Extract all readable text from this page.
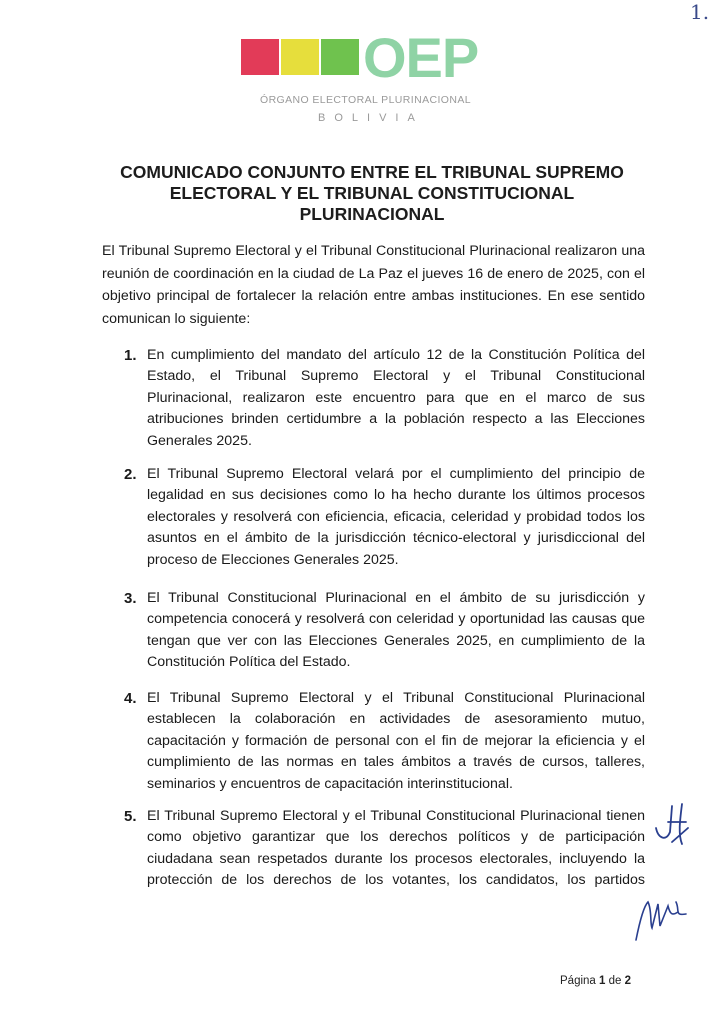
1.
OEP
ÓRGANO ELECTORAL PLURINACIONAL
BOLIVIA
COMUNICADO CONJUNTO ENTRE EL TRIBUNAL SUPREMO ELECTORAL Y EL TRIBUNAL CONSTITUCIONAL PLURINACIONAL
El Tribunal Supremo Electoral y el Tribunal Constitucional Plurinacional realizaron una reunión de coordinación en la ciudad de La Paz el jueves 16 de enero de 2025, con el objetivo principal de fortalecer la relación entre ambas instituciones. En ese sentido comunican lo siguiente:
1. En cumplimiento del mandato del artículo 12 de la Constitución Política del Estado, el Tribunal Supremo Electoral y el Tribunal Constitucional Plurinacional, realizaron este encuentro para que en el marco de sus atribuciones brinden certidumbre a la población respecto a las Elecciones Generales 2025.
2. El Tribunal Supremo Electoral velará por el cumplimiento del principio de legalidad en sus decisiones como lo ha hecho durante los últimos procesos electorales y resolverá con eficiencia, eficacia, celeridad y probidad todos los asuntos en el ámbito de la jurisdicción técnico-electoral y jurisdiccional del proceso de Elecciones Generales 2025.
3. El Tribunal Constitucional Plurinacional en el ámbito de su jurisdicción y competencia conocerá y resolverá con celeridad y oportunidad las causas que tengan que ver con las Elecciones Generales 2025, en cumplimiento de la Constitución Política del Estado.
4. El Tribunal Supremo Electoral y el Tribunal Constitucional Plurinacional establecen la colaboración en actividades de asesoramiento mutuo, capacitación y formación de personal con el fin de mejorar la eficiencia y el cumplimiento de las normas en tales ámbitos a través de cursos, talleres, seminarios y encuentros de capacitación interinstitucional.
5. El Tribunal Supremo Electoral y el Tribunal Constitucional Plurinacional tienen como objetivo garantizar que los derechos políticos y de participación ciudadana sean respetados durante los procesos electorales, incluyendo la protección de los derechos de los votantes, los candidatos, los partidos
Página 1 de 2
